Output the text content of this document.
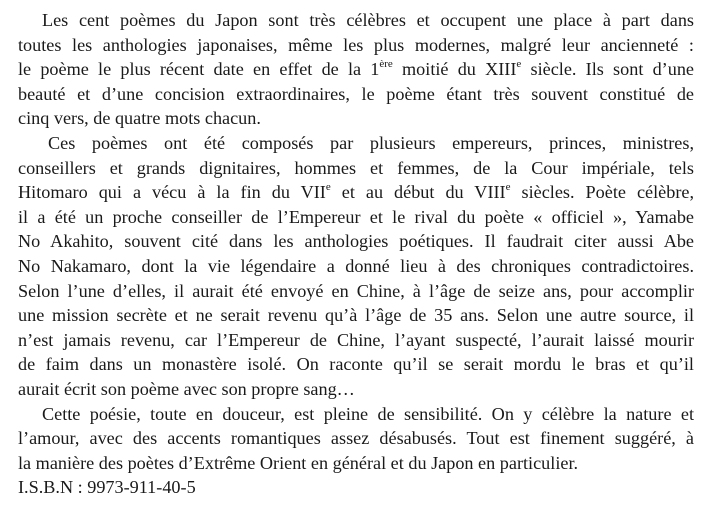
Les cent poèmes du Japon sont très célèbres et occupent une place à part dans
toutes les anthologies japonaises, même les plus modernes, malgré leur ancienneté :
le poème le plus récent date en effet de la 1ère moitié du XIIIe siècle. Ils sont d’une
beauté et d’une concision extraordinaires, le poème étant très souvent constitué de
cinq vers, de quatre mots chacun.
Ces poèmes ont été composés par plusieurs empereurs, princes, ministres,
conseillers et grands dignitaires, hommes et femmes, de la Cour impériale, tels
Hitomaro qui a vécu à la fin du VIIe et au début du VIIIe siècles. Poète célèbre,
il a été un proche conseiller de l’Empereur et le rival du poète « officiel », Yamabe
No Akahito, souvent cité dans les anthologies poétiques. Il faudrait citer aussi Abe
No Nakamaro, dont la vie légendaire a donné lieu à des chroniques contradictoires.
Selon l’une d’elles, il aurait été envoyé en Chine, à l’âge de seize ans, pour accomplir
une mission secrète et ne serait revenu qu’à l’âge de 35 ans. Selon une autre source, il
n’est jamais revenu, car l’Empereur de Chine, l’ayant suspecté, l’aurait laissé mourir
de faim dans un monastère isolé. On raconte qu’il se serait mordu le bras et qu’il
aurait écrit son poème avec son propre sang…
Cette poésie, toute en douceur, est pleine de sensibilité. On y célèbre la nature et
l’amour, avec des accents romantiques assez désabusés. Tout est finement suggéré, à
la manière des poètes d’Extrême Orient en général et du Japon en particulier.
I.S.B.N : 9973-911-40-5
